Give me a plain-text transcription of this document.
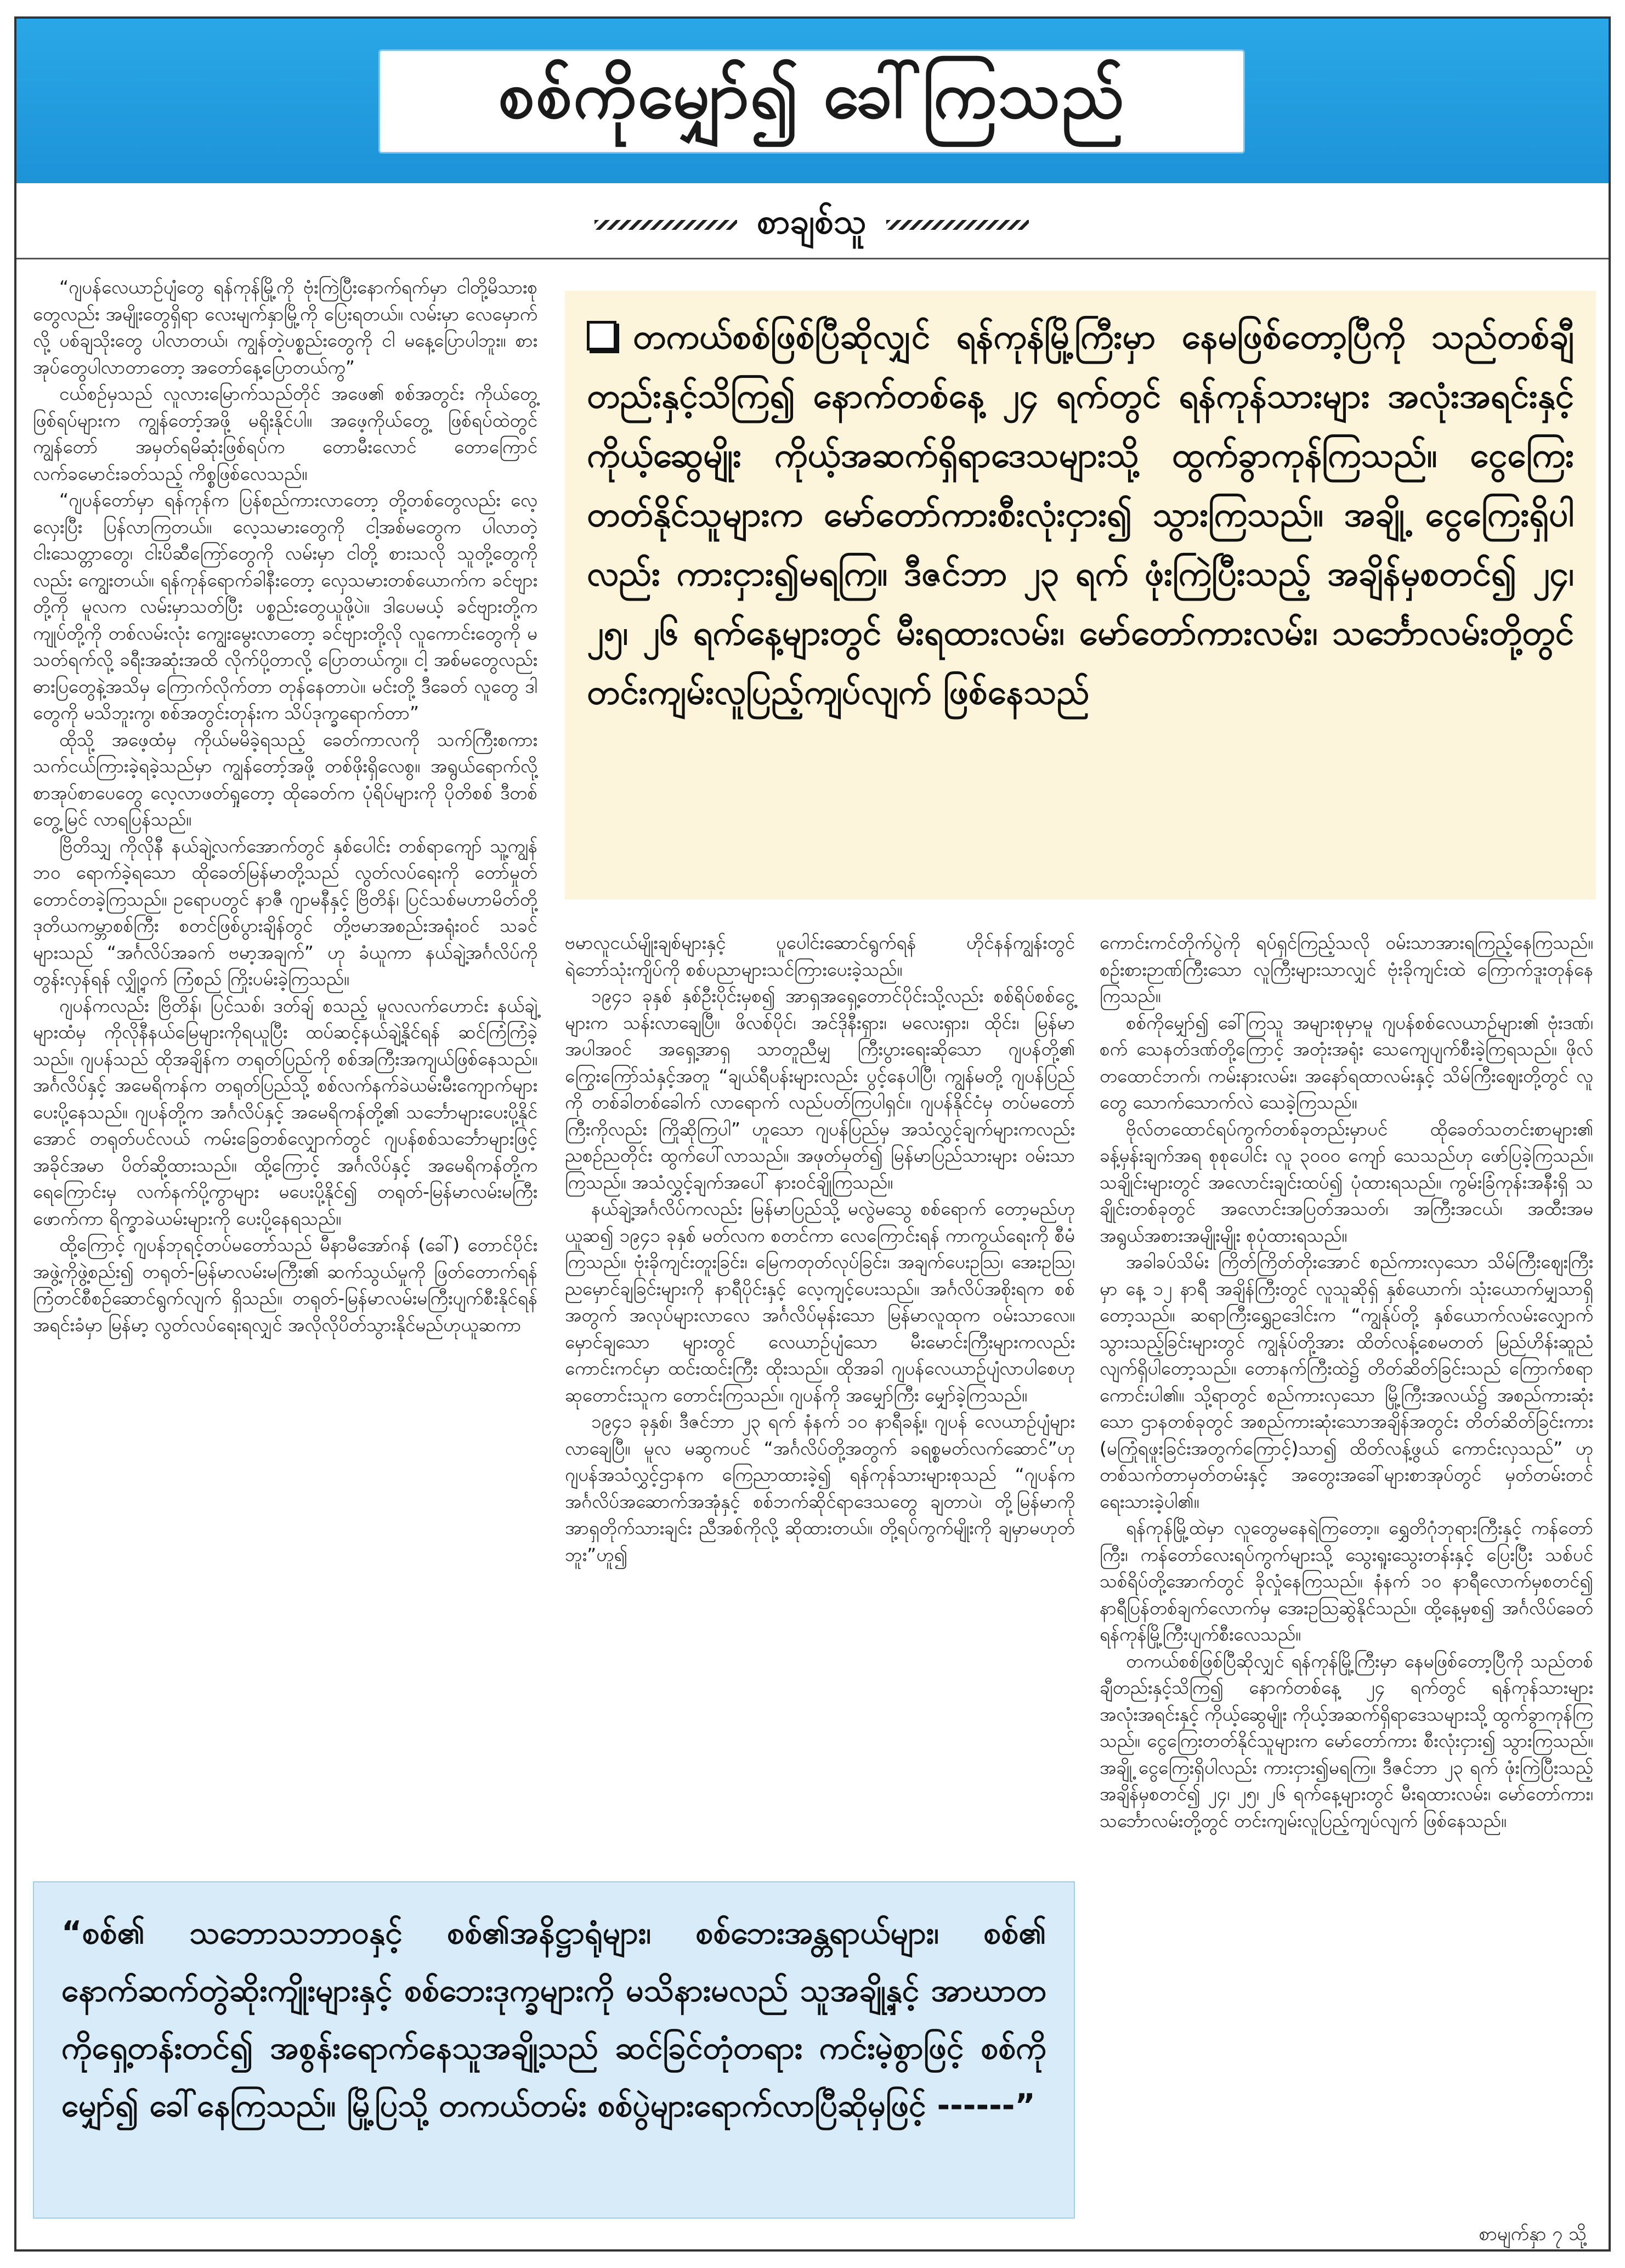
စစ်ကိုမျှော်၍ ခေါ်ကြသည်
စာချစ်သူ

“ဂျပန်လေယာဉ်ပျံတွေ ရန်ကုန်မြို့ကို ဗုံးကြဲပြီးနောက်ရက်မှာ ငါတို့မိသားစုတွေလည်း အမျိုးတွေရှိရာ လေးမျက်နှာမြို့ကို ပြေးရတယ်။ လမ်းမှာ လေမှောက်လို့ ပစ်ချသိုးတွေ ပါလာတယ်၊ ကျွန်တဲ့ပစ္စည်းတွေကို ငါ မနေ့ပြောပါဘူး။ စားအုပ်တွေပါလာတာတော့ အတော်နေ့ပြောတယ်ကွ”

ငယ်စဉ်မှသည် လူလားမြောက်သည်တိုင် အဖေ၏ စစ်အတွင်း ကိုယ်တွေ့ဖြစ်ရပ်များက ကျွန်တော့်အဖို့ မရိုးနိုင်ပါ။ အဖေ့ကိုယ်တွေ့ ဖြစ်ရပ်ထဲတွင် ကျွန်တော် အမှတ်ရမိဆုံးဖြစ်ရပ်က တောမီးလောင် တောကြောင် လက်ခမောင်းခတ်သည့် ကိစ္စဖြစ်လေသည်။

“ဂျပန်တော်မှာ ရန်ကုန်က ပြန်စည်ကားလာတော့ တို့တစ်တွေလည်း လေ့လှေးပြီး ပြန်လာကြတယ်။ လေ့သမားတွေကို ငါ့အစ်မတွေက ပါလာတဲ့ ငါးသေတ္တာတွေ၊ ငါးပိဆီကြော်တွေကို လမ်းမှာ ငါတို့ စားသလို သူတို့တွေကိုလည်း ကျွေးတယ်။ ရန်ကုန်ရောက်ခါနီးတော့ လှေသမားတစ်ယောက်က ခင်ဗျားတို့ကို မူလက လမ်းမှာသတ်ပြီး ပစ္စည်းတွေယူဖို့ပဲ။ ဒါပေမယ့် ခင်ဗျားတို့က ကျုပ်တို့ကို တစ်လမ်းလုံး ကျွေးမွေးလာတော့ ခင်ဗျားတို့လို လူကောင်းတွေကို မသတ်ရက်လို့ ခရီးအဆုံးအထိ လိုက်ပို့တာလို့ ပြောတယ်ကွ။ ငါ့ အစ်မတွေလည်း ဓားပြတွေနဲ့အသိမှ ကြောက်လိုက်တာ တုန်နေတာပဲ။ မင်းတို့ ဒီခေတ် လူတွေ ဒါတွေကို မသိဘူးကွ၊ စစ်အတွင်းတုန်းက သိပ်ဒုက္ခရောက်တာ”

ထိုသို့ အဖေ့ထံမှ ကိုယ်မမိခဲ့ရသည့် ခေတ်ကာလကို သက်ကြီးစကား သက်ငယ်ကြားခဲ့ရခဲ့သည်မှာ ကျွန်တော့်အဖို့ တစ်ဖိုးရှိလေစွ။ အရွယ်ရောက်လို့ စာအုပ်စာပေတွေ လေ့လာဖတ်ရှုတော့ ထိုခေတ်က ပုံရိပ်များကို ပိုတိစစ် ဒီတစ်တွေ့မြင် လာရပြန်သည်။

ဗြိတိသျှ ကိုလိုနီ နယ်ချဲ့လက်အောက်တွင် နှစ်ပေါင်း တစ်ရာကျော် သူ့ကျွန်ဘ၀ ရောက်ခဲ့ရသော ထိုခေတ်မြန်မာတို့သည် လွတ်လပ်ရေးကို တော်မှုတ်တောင်တခဲ့ကြသည်။ ဥရောပတွင် နာဇီ ဂျာမနီနှင့် ဗြိတိန်၊ ပြင်သစ်မဟာမိတ်တို့ ဒုတိယကမ္ဘာစစ်ကြီး စတင်ဖြစ်ပွားချိန်တွင် တို့ဗမာအစည်းအရုံး၀င် သခင်များသည် “အင်္ဂလိပ်အခက် ဗမာ့အချက်” ဟု ခံယူကာ နယ်ချဲ့အင်္ဂလိပ်ကို တွန်းလှန်ရန် လျှို့ဝှက် ကြံစည် ကြိုးပမ်းခဲ့ကြသည်။

ဂျပန်ကလည်း ဗြိတိန်၊ ပြင်သစ်၊ ဒတ်ချ် စသည့် မူလလက်ဟောင်း နယ်ချဲ့များထံမှ ကိုလိုနီနယ်မြေများကိုရယူပြီး ထပ်ဆင့်နယ်ချဲ့နိုင်ရန် ဆင်ကြံကြံခဲ့သည်။ ဂျပန်သည် ထိုအချိန်က တရုတ်ပြည်ကို စစ်အကြီးအကျယ်ဖြစ်နေသည်။ အင်္ဂလိပ်နှင့် အမေရိကန်က တရုတ်ပြည်သို့ စစ်လက်နက်ခဲယမ်းမီးကျောက်များ ပေးပို့နေသည်။ ဂျပန်တို့က အင်္ဂလိပ်နှင့် အမေရိကန်တို့၏ သင်္ဘောများပေးပို့နိုင်အောင် တရုတ်ပင်လယ် ကမ်းခြေတစ်လျှောက်တွင် ဂျပန်စစ်သင်္ဘောများဖြင့် အခိုင်အမာ ပိတ်ဆို့ထားသည်။ ထို့ကြောင့် အင်္ဂလိပ်နှင့် အမေရိကန်တို့က ရေကြောင်းမှ လက်နက်ပို့ကွာများ မပေးပို့နိုင်၍ တရုတ်-မြန်မာလမ်းမကြီးဖောက်ကာ ရိက္ခာခဲယမ်းများကို ပေးပို့နေရသည်။

ထို့ကြောင့် ဂျပန်ဘုရင့်တပ်မတော်သည် မီနာမီအော်ဂန် (ခေါ်) တောင်ပိုင်းအဖွဲ့ကိုဖွဲ့စည်း၍ တရုတ်-မြန်မာလမ်းမကြီး၏ ဆက်သွယ်မှုကို ဖြတ်တောက်ရန် ကြံတင်စီစဉ်ဆောင်ရွက်လျက် ရှိသည်။ တရုတ်-မြန်မာလမ်းမကြီးပျက်စီးနိုင်ရန် အရင်းခံမှာ မြန်မာ့ လွတ်လပ်ရေးရလျှင် အလိုလိုပိတ်သွားနိုင်မည်ဟုယူဆကာ

တကယ်စစ်ဖြစ်ပြီဆိုလျှင် ရန်ကုန်မြို့ကြီးမှာ နေမဖြစ်တော့ပြီကို သည်တစ်ချီတည်းနှင့်သိကြ၍ နောက်တစ်နေ့ ၂၄ ရက်တွင် ရန်ကုန်သားများ အလုံးအရင်းနှင့် ကိုယ့်ဆွေမျိုး ကိုယ့်အဆက်ရှိရာဒေသများသို့ ထွက်ခွာကုန်ကြသည်။ ငွေကြေးတတ်နိုင်သူများက မော်တော်ကားစီးလုံးငှား၍ သွားကြသည်။ အချို့ ငွေကြေးရှိပါလည်း ကားငှား၍မရကြ။ ဒီဇင်ဘာ ၂၃ ရက် ဖုံးကြဲပြီးသည့် အချိန်မှစတင်၍ ၂၄၊ ၂၅၊ ၂၆ ရက်နေ့များတွင် မီးရထားလမ်း၊ မော်တော်ကားလမ်း၊ သင်္ဘောလမ်းတို့တွင် တင်းကျမ်းလူပြည့်ကျပ်လျက် ဖြစ်နေသည်

ဗမာလူငယ်မျိုးချစ်များနှင့် ပူပေါင်းဆောင်ရွက်ရန် ဟိုင်နန်ကျွန်းတွင် ရဲဘော်သုံးကျိပ်ကို စစ်ပညာများသင်ကြားပေးခဲ့သည်။

၁၉၄၁ ခုနှစ် နှစ်ဦးပိုင်းမှစ၍ အာရှအရှေ့တောင်ပိုင်းသို့လည်း စစ်ရိပ်စစ်ငွေ့များက သန်းလာချေပြီ။ ဖိလစ်ပိုင်၊ အင်ဒိုနီးရှား၊ မလေးရှား၊ ထိုင်း၊ မြန်မာအပါအဝင် အရှေ့အာရှ သာတူညီမျှ ကြီးပွားရေးဆိုသော ဂျပန်တို့၏ ကြွေးကြော်သံနှင့်အတူ “ချယ်ရီပန်းများလည်း ပွင့်နေပါပြီ၊ ကျွန်မတို့ ဂျပန်ပြည်ကို တစ်ခါတစ်ခေါက် လာရောက် လည်ပတ်ကြပါရှင်။ ဂျပန်နိုင်ငံမှ တပ်မတော်ကြီးကိုလည်း ကြိုဆိုကြပါ” ဟူသော ဂျပန်ပြည်မှ အသံလွှင့်ချက်များကလည်း ညစဉ်ညတိုင်း ထွက်ပေါ်လာသည်။ အဖုတ်မှတ်၍ မြန်မာပြည်သားများ ဝမ်းသာကြသည်။ အသံလွှင့်ချက်အပေါ် နားဝင်ချိုကြသည်။

နယ်ချဲ့အင်္ဂလိပ်ကလည်း မြန်မာပြည်သို့ မလွဲမသွေ စစ်ရောက် တော့မည်ဟုယူဆ၍ ၁၉၄၁ ခုနှစ် မတ်လက စတင်ကာ လေကြောင်းရန် ကာကွယ်ရေးကို စီမံကြသည်။ ဗုံးခိုကျင်းတူးခြင်း၊ မြေကတုတ်လုပ်ခြင်း၊ အချက်ပေးဥဩ၊ အေးဥဩ၊ ညမှောင်ချခြင်းများကို နာရီပိုင်းနှင့် လေ့ကျင့်ပေးသည်။ အင်္ဂလိပ်အစိုးရက စစ်အတွက် အလုပ်များလာလေ အင်္ဂလိပ်မုန်းသော မြန်မာလူထုက ဝမ်းသာလေ။ မှောင်ချသော များတွင် လေယာဉ်ပျံသော မီးမောင်းကြီးများကလည်း ကောင်းကင်မှာ ထင်းထင်းကြီး ထိုးသည်။ ထိုအခါ ဂျပန်လေယာဉ်ပျံလာပါစေဟု ဆုတောင်းသူက တောင်းကြသည်။ ဂျပန်ကို အမျှော်ကြီး မျှော်ခဲ့ကြသည်။

၁၉၄၁ ခုနှစ်၊ ဒီဇင်ဘာ ၂၃ ရက် နံနက် ၁၀ နာရီခန့်။ ဂျပန် လေယာဉ်ပျံများလာချေပြီ။ မူလ မဆွကပင် “အင်္ဂလိပ်တို့အတွက် ခရစ္စမတ်လက်ဆောင်”ဟု ဂျပန်အသံလွှင့်ဌာနက ကြေညာထားခဲ့၍ ရန်ကုန်သားများစုသည် “ဂျပန်က အင်္ဂလိပ်အဆောက်အအုံနှင့် စစ်ဘက်ဆိုင်ရာဒေသတွေ ချတာပဲ၊ တို့မြန်မာကို အာရှတိုက်သားချင်း ညီအစ်ကိုလို့ ဆိုထားတယ်။ တို့ရပ်ကွက်မျိုးကို ချမှာမဟုတ်ဘူး”ဟူ၍

ကောင်းကင်တိုက်ပွဲကို ရပ်ရှင်ကြည့်သလို ဝမ်းသာအားရကြည့်နေကြသည်။ စဉ်းစားဉာဏ်ကြီးသော လူကြီးများသာလျှင် ဗုံးခိုကျင်းထဲ ကြောက်ဒူးတုန်နေကြသည်။

စစ်ကိုမျှော်၍ ခေါ်ကြသူ အများစုမှာမူ ဂျပန်စစ်လေယာဉ်များ၏ ဗုံးဒဏ်၊ စက် သေနတ်ဒဏ်တို့ကြောင့် အတုံးအရုံး သေကျေပျက်စီးခဲ့ကြရသည်။ ဖိုလ်တထောင်ဘက်၊ ကမ်းနားလမ်း၊ အနော်ရထာလမ်းနှင့် သိမ်ကြီးဈေးတို့တွင် လူတွေ သောက်သောက်လဲ သေခဲ့ကြသည်။

ဗိုလ်တထောင်ရပ်ကွက်တစ်ခုတည်းမှာပင် ထိုခေတ်သတင်းစာများ၏ ခန့်မှန်းချက်အရ စုစုပေါင်း လူ ၃၀၀၀ ကျော် သေသည်ဟု ဖော်ပြခဲ့ကြသည်။ သချိုင်းများတွင် အလောင်းချင်းထပ်၍ ပုံထားရသည်။ ကွမ်းခြံကုန်းအနီးရှိ သချိုင်းတစ်ခုတွင် အလောင်းအပြတ်အသတ်၊ အကြီးအငယ်၊ အထီးအမ အရွယ်အစားအမျိုးမျိုး စုပုံထားရသည်။

အခါခပ်သိမ်း ကြိတ်ကြိတ်တိုးအောင် စည်ကားလှသော သိမ်ကြီးဈေးကြီးမှာ နေ့ ၁၂ နာရီ အချိန်ကြီးတွင် လူသူဆိုရှ် နှစ်ယောက်၊ သုံးယောက်မျှသာရှိတော့သည်။ ဆရာကြီးရွှေဥဒေါင်းက “ကျွန်ုပ်တို့ နှစ်ယောက်လမ်းလျှောက်သွားသည့်ခြင်းများတွင် ကျွန်ုပ်တို့အား ထိတ်လန့်စေမတတ် မြည်ဟိန်းဆူညံလျက်ရှိပါတော့သည်။ တောနက်ကြီးထဲ၌ တိတ်ဆိတ်ခြင်းသည် ကြောက်စရာကောင်းပါ၏။ သို့ရာတွင် စည်ကားလှသော မြို့ကြီးအလယ်၌ အစည်ကားဆုံးသော ဌာနတစ်ခုတွင် အစည်ကားဆုံးသောအချိန်အတွင်း တိတ်ဆိတ်ခြင်းကား (မကြုံရဖူးခြင်းအတွက်ကြောင့်)သာ၍ ထိတ်လန့်ဖွယ် ကောင်းလှသည်” ဟု တစ်သက်တာမှတ်တမ်းနှင့် အတွေးအခေါ်များစာအုပ်တွင် မှတ်တမ်းတင်ရေးသားခဲ့ပါ၏။

ရန်ကုန်မြို့ထဲမှာ လူတွေမနေရဲကြတော့။ ရွှေတိဂုံဘုရားကြီးနှင့် ကန်တော်ကြီး၊ ကန်တော်လေးရပ်ကွက်များသို့ သွေးရူးသွေးတန်းနှင့် ပြေးပြီး သစ်ပင်သစ်ရိပ်တို့အောက်တွင် ခိုလှုံနေကြသည်။ နံနက် ၁၀ နာရီလောက်မှစတင်၍ နာရီပြန်တစ်ချက်လောက်မှ အေးဥဩဆွဲနိုင်သည်။ ထို့နေ့မှစ၍ အင်္ဂလိပ်ခေတ် ရန်ကုန်မြို့ကြီးပျက်စီးလေသည်။

တကယ်စစ်ဖြစ်ပြီဆိုလျှင် ရန်ကုန်မြို့ကြီးမှာ နေမဖြစ်တော့ပြီကို သည်တစ်ချီတည်းနှင့်သိကြ၍ နောက်တစ်နေ့ ၂၄ ရက်တွင် ရန်ကုန်သားများ အလုံးအရင်းနှင့် ကိုယ့်ဆွေမျိုး ကိုယ့်အဆက်ရှိရာဒေသများသို့ ထွက်ခွာကုန်ကြသည်။ ငွေကြေးတတ်နိုင်သူများက မော်တော်ကား စီးလုံးငှား၍ သွားကြသည်။ အချို့ ငွေကြေးရှိပါလည်း ကားငှား၍မရကြ။ ဒီဇင်ဘာ ၂၃ ရက် ဖုံးကြဲပြီးသည့်အချိန်မှစတင်၍ ၂၄၊ ၂၅၊ ၂၆ ရက်နေ့များတွင် မီးရထားလမ်း၊ မော်တော်ကား၊ သင်္ဘောလမ်းတို့တွင် တင်းကျမ်းလူပြည့်ကျပ်လျက် ဖြစ်နေသည်။

“စစ်၏ သဘောသဘာဝနှင့် စစ်၏အနိဋ္ဌာရုံများ၊ စစ်ဘေးအန္တရာယ်များ၊ စစ်၏ နောက်ဆက်တွဲဆိုးကျိုးများနှင့် စစ်ဘေးဒုက္ခများကို မသိနားမလည် သူအချို့နှင့် အာဃာတကိုရှေ့တန်းတင်၍ အစွန်းရောက်နေသူအချို့သည် ဆင်ခြင်တုံတရား ကင်းမဲ့စွာဖြင့် စစ်ကိုမျှော်၍ ခေါ်နေကြသည်။ မြို့ပြသို့ တကယ်တမ်း စစ်ပွဲများရောက်လာပြီဆိုမှဖြင့် ------”
စာမျက်နှာ ၇ သို့
